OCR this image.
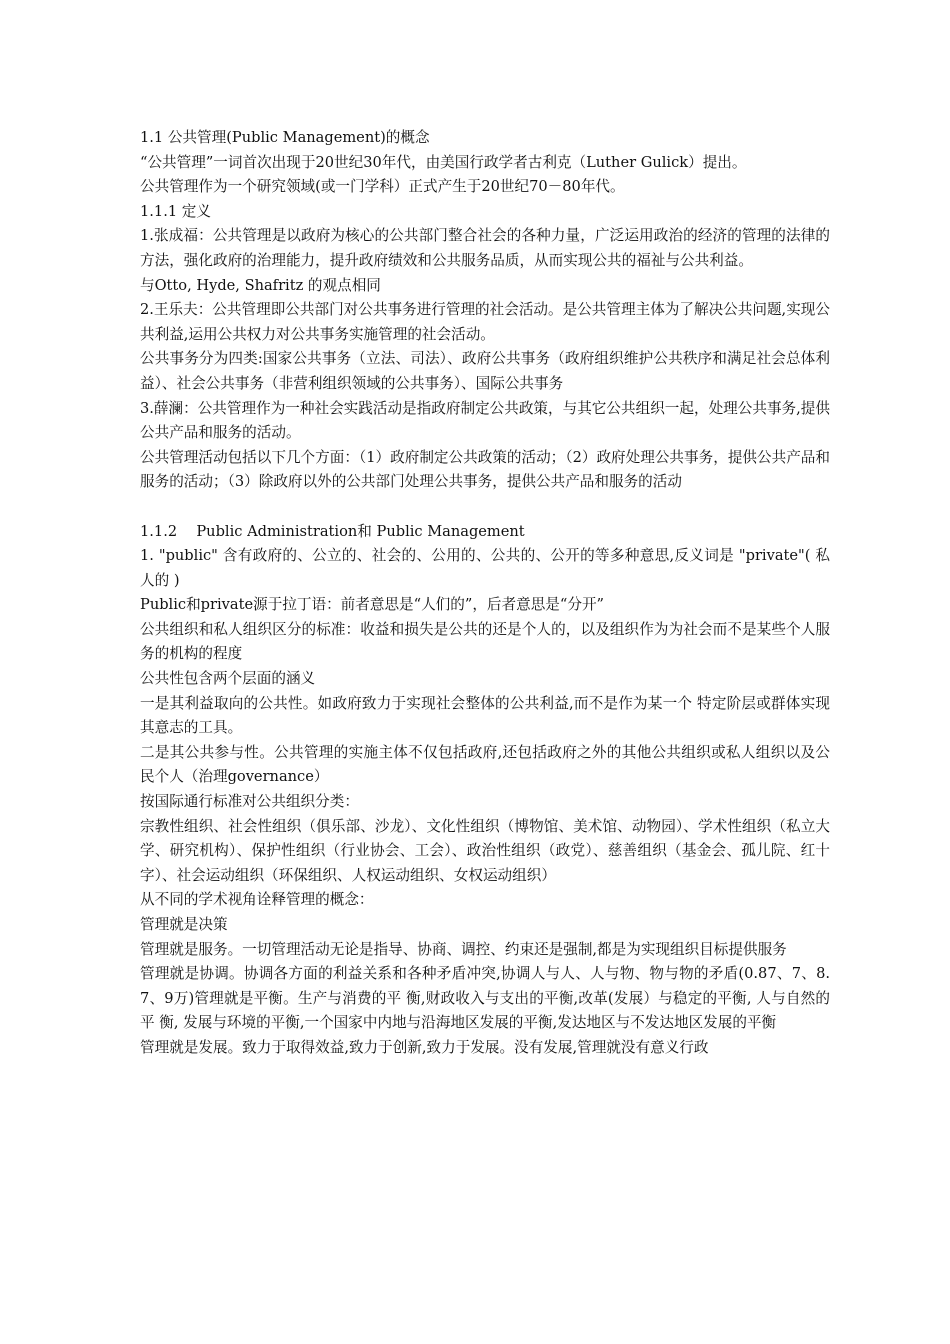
1.1 公共管理(Public Management)的概念

“公共管理”一词首次出现于20世纪30年代，由美国行政学者古利克（Luther Gulick）提出。

公共管理作为一个研究领域(或一门学科）正式产生于20世纪70－80年代。

1.1.1 定义

1.张成福：公共管理是以政府为核心的公共部门整合社会的各种力量，广泛运用政治的经济的管理的法律的方法，强化政府的治理能力，提升政府绩效和公共服务品质，从而实现公共的福祉与公共利益。

与Otto, Hyde, Shafritz 的观点相同

2.王乐夫：公共管理即公共部门对公共事务进行管理的社会活动。是公共管理主体为了解决公共问题,实现公共利益,运用公共权力对公共事务实施管理的社会活动。

公共事务分为四类:国家公共事务（立法、司法）、政府公共事务（政府组织维护公共秩序和满足社会总体利益）、社会公共事务（非营利组织领域的公共事务）、国际公共事务

3.薛澜：公共管理作为一种社会实践活动是指政府制定公共政策，与其它公共组织一起，处理公共事务,提供公共产品和服务的活动。

公共管理活动包括以下几个方面：（1）政府制定公共政策的活动；（2）政府处理公共事务，提供公共产品和服务的活动；（3）除政府以外的公共部门处理公共事务，提供公共产品和服务的活动

1.1.2　 Public Administration和 Public Management

1. "public" 含有政府的、公立的、社会的、公用的、公共的、公开的等多种意思,反义词是 "private"( 私人的 )

Public和private源于拉丁语：前者意思是“人们的”，后者意思是“分开”

公共组织和私人组织区分的标准：收益和损失是公共的还是个人的，以及组织作为为社会而不是某些个人服务的机构的程度

公共性包含两个层面的涵义

一是其利益取向的公共性。如政府致力于实现社会整体的公共利益,而不是作为某一个 特定阶层或群体实现其意志的工具。

二是其公共参与性。公共管理的实施主体不仅包括政府,还包括政府之外的其他公共组织或私人组织以及公民个人（治理governance）

按国际通行标准对公共组织分类：

宗教性组织、社会性组织（俱乐部、沙龙）、文化性组织（博物馆、美术馆、动物园）、学术性组织（私立大学、研究机构）、保护性组织（行业协会、工会）、政治性组织（政党）、慈善组织（基金会、孤儿院、红十字）、社会运动组织（环保组织、人权运动组织、女权运动组织）

从不同的学术视角诠释管理的概念：

管理就是决策

管理就是服务。一切管理活动无论是指导、协商、调控、约束还是强制,都是为实现组织目标提供服务

管理就是协调。协调各方面的利益关系和各种矛盾冲突,协调人与人、人与物、物与物的矛盾(0.87、7、8.7、9万)管理就是平衡。生产与消费的平 衡,财政收入与支出的平衡,改革(发展）与稳定的平衡, 人与自然的平 衡, 发展与环境的平衡,一个国家中内地与沿海地区发展的平衡,发达地区与不发达地区发展的平衡

管理就是发展。致力于取得效益,致力于创新,致力于发展。没有发展,管理就没有意义行政
